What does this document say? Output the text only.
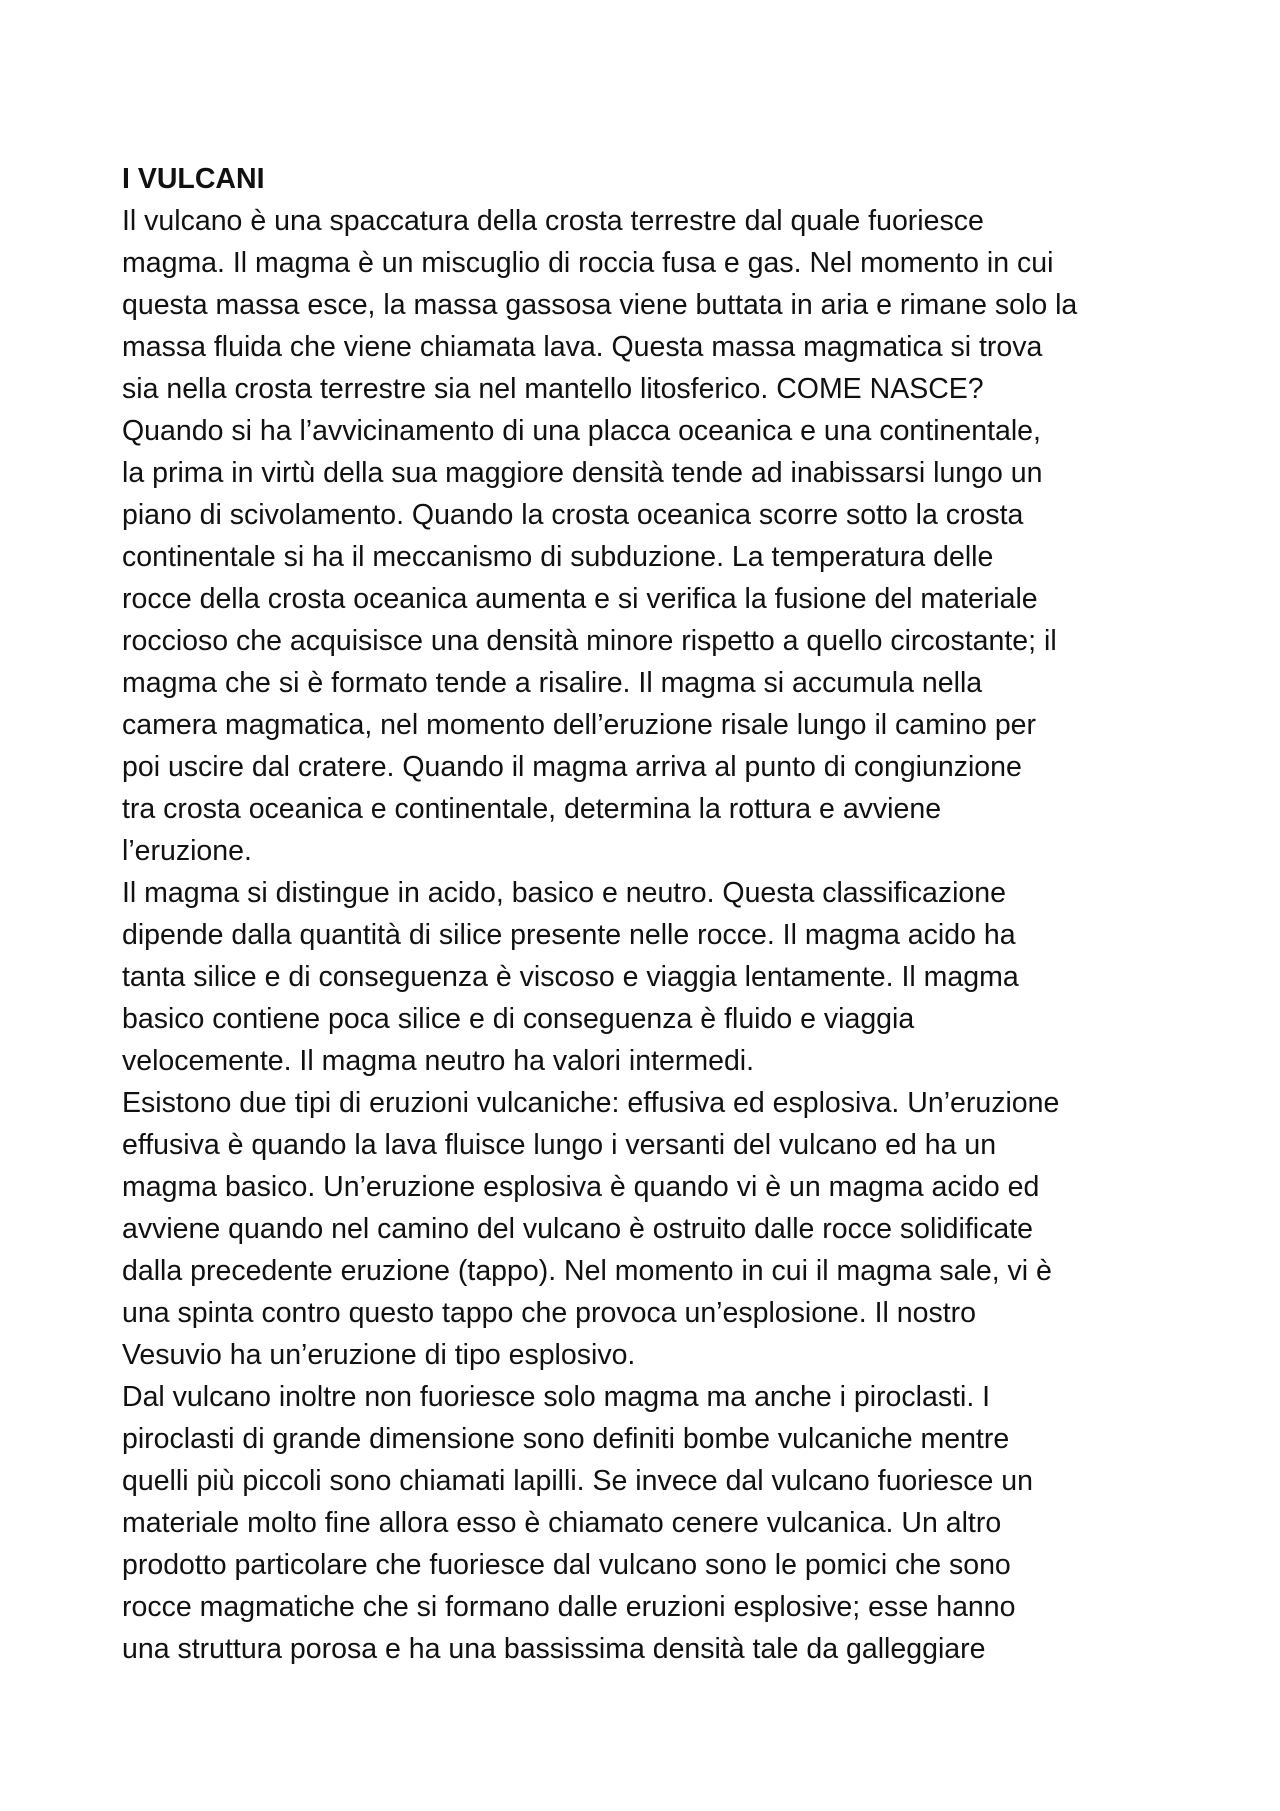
I VULCANI
Il vulcano è una spaccatura della crosta terrestre dal quale fuoriesce
magma. Il magma è un miscuglio di roccia fusa e gas. Nel momento in cui
questa massa esce, la massa gassosa viene buttata in aria e rimane solo la
massa fluida che viene chiamata lava. Questa massa magmatica si trova
sia nella crosta terrestre sia nel mantello litosferico. COME NASCE?
Quando si ha l’avvicinamento di una placca oceanica e una continentale,
la prima in virtù della sua maggiore densità tende ad inabissarsi lungo un
piano di scivolamento. Quando la crosta oceanica scorre sotto la crosta
continentale si ha il meccanismo di subduzione. La temperatura delle
rocce della crosta oceanica aumenta e si verifica la fusione del materiale
roccioso che acquisisce una densità minore rispetto a quello circostante; il
magma che si è formato tende a risalire. Il magma si accumula nella
camera magmatica, nel momento dell’eruzione risale lungo il camino per
poi uscire dal cratere. Quando il magma arriva al punto di congiunzione
tra crosta oceanica e continentale, determina la rottura e avviene
l’eruzione.
Il magma si distingue in acido, basico e neutro. Questa classificazione
dipende dalla quantità di silice presente nelle rocce. Il magma acido ha
tanta silice e di conseguenza è viscoso e viaggia lentamente. Il magma
basico contiene poca silice e di conseguenza è fluido e viaggia
velocemente. Il magma neutro ha valori intermedi.
Esistono due tipi di eruzioni vulcaniche: effusiva ed esplosiva. Un’eruzione
effusiva è quando la lava fluisce lungo i versanti del vulcano ed ha un
magma basico. Un’eruzione esplosiva è quando vi è un magma acido ed
avviene quando nel camino del vulcano è ostruito dalle rocce solidificate
dalla precedente eruzione (tappo). Nel momento in cui il magma sale, vi è
una spinta contro questo tappo che provoca un’esplosione. Il nostro
Vesuvio ha un’eruzione di tipo esplosivo.
Dal vulcano inoltre non fuoriesce solo magma ma anche i piroclasti. I
piroclasti di grande dimensione sono definiti bombe vulcaniche mentre
quelli più piccoli sono chiamati lapilli. Se invece dal vulcano fuoriesce un
materiale molto fine allora esso è chiamato cenere vulcanica. Un altro
prodotto particolare che fuoriesce dal vulcano sono le pomici che sono
rocce magmatiche che si formano dalle eruzioni esplosive; esse hanno
una struttura porosa e ha una bassissima densità tale da galleggiare
